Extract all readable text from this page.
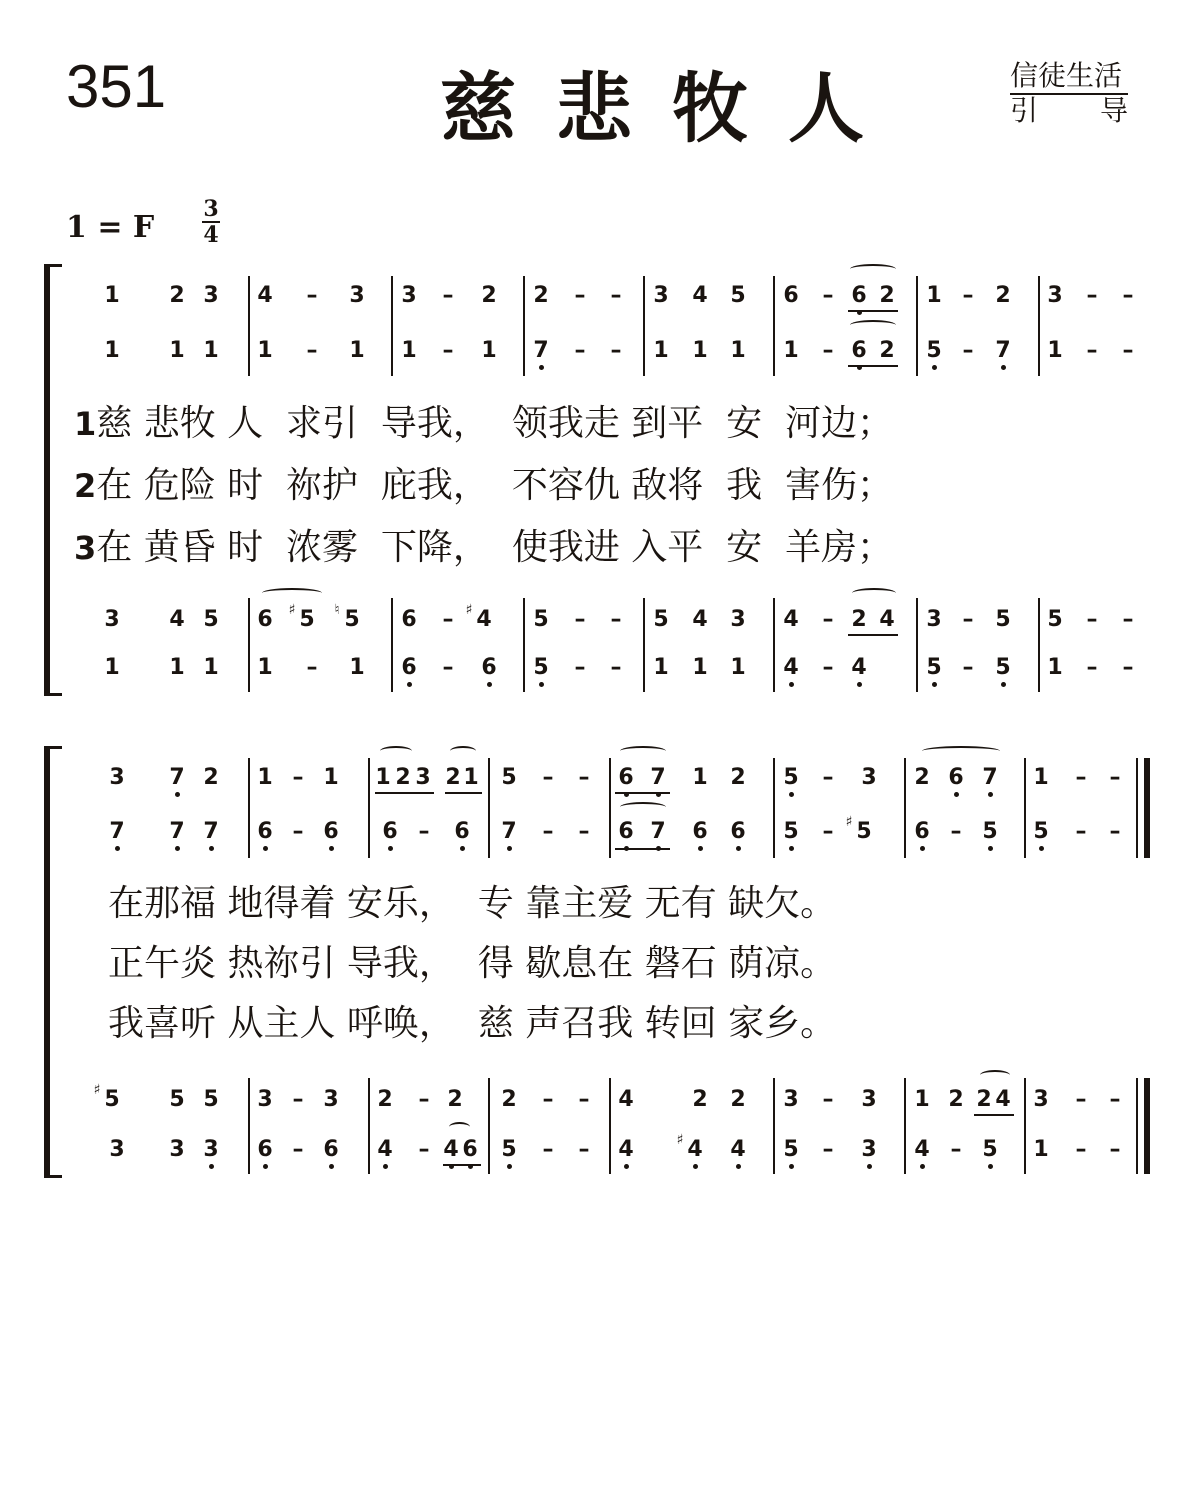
351	慈悲牧人	信徒生活
引 导
1 = F
3
4
1 2 3 4 – 3 3 – 2 2 – – 3 4 5 6 – 6 2 1 – 2 3 – –
1 1 1 1 – 1 1 – 1 7 – – 1 1 1 1 – 6 2 5 – 7 1 – –
3 4 5 6 5
♯ 5
♮	6 – 4
♯	5 – – 5 4 3 4 – 2 4 3 – 5 5 – –
1 1 1 1 – 1 6 – 6 5 – – 1 1 1 4 – 4	5 – 5 1 – –
1慈 悲牧 人  求引  导我，  领我走 到平  安  河边；
2在 危险 时  祢护  庇我，  不容仇 敌将  我  害伤；
3在 黄昏 时  浓雾  下降，  使我进 入平  安  羊房；
3 7 2 1 – 1 1 2 3 2 1 5 – – 6 7 1 2 5 – 3 2 6 7 1 – –
7 7 7 6 – 6 6 – 6 7 – – 6 7 6 6 5 – 5
♯	6 – 5 5 – –
5
♯	5 5 3 – 3 2 – 2 2 – – 4	2 2 3 – 3 1 2 2 4 3 – –
3 3 3 6 – 6 4 – 4 6 5 – – 4 4
♯ 4 5 – 3 4 – 5 1 – –
在那福 地得着 安乐，  专 靠主爱 无有 缺欠。
正午炎 热祢引 导我，  得 歇息在 磐石 荫凉。
我喜听 从主人 呼唤，  慈 声召我 转回 家乡。
